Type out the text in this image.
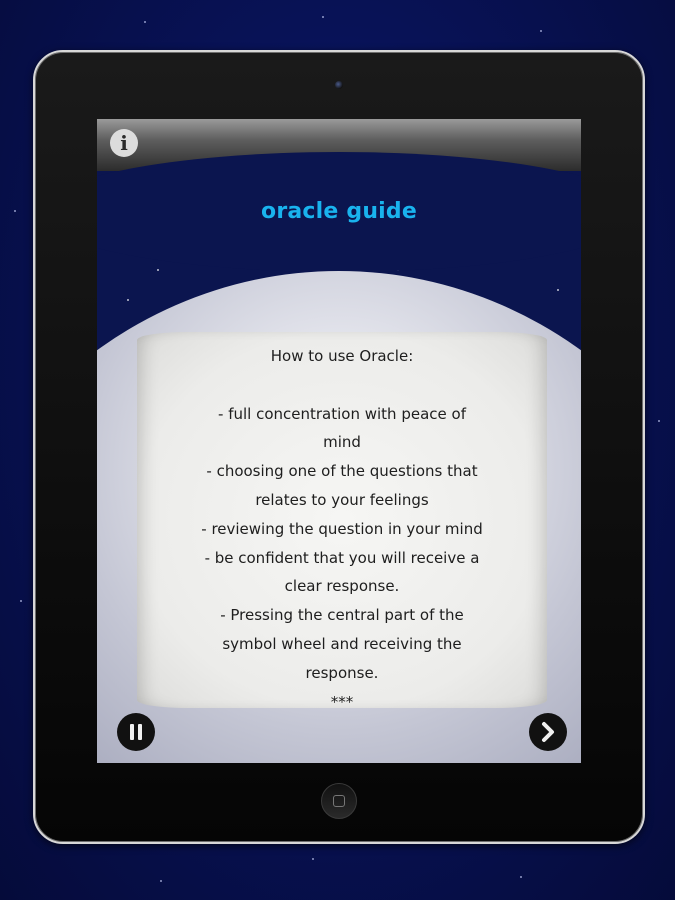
i
oracle guide
How to use Oracle:
- full concentration with peace of
mind
- choosing one of the questions that
relates to your feelings
- reviewing the question in your mind
- be confident that you will receive a
clear response.
- Pressing the central part of the
symbol wheel and receiving the
response.
***
